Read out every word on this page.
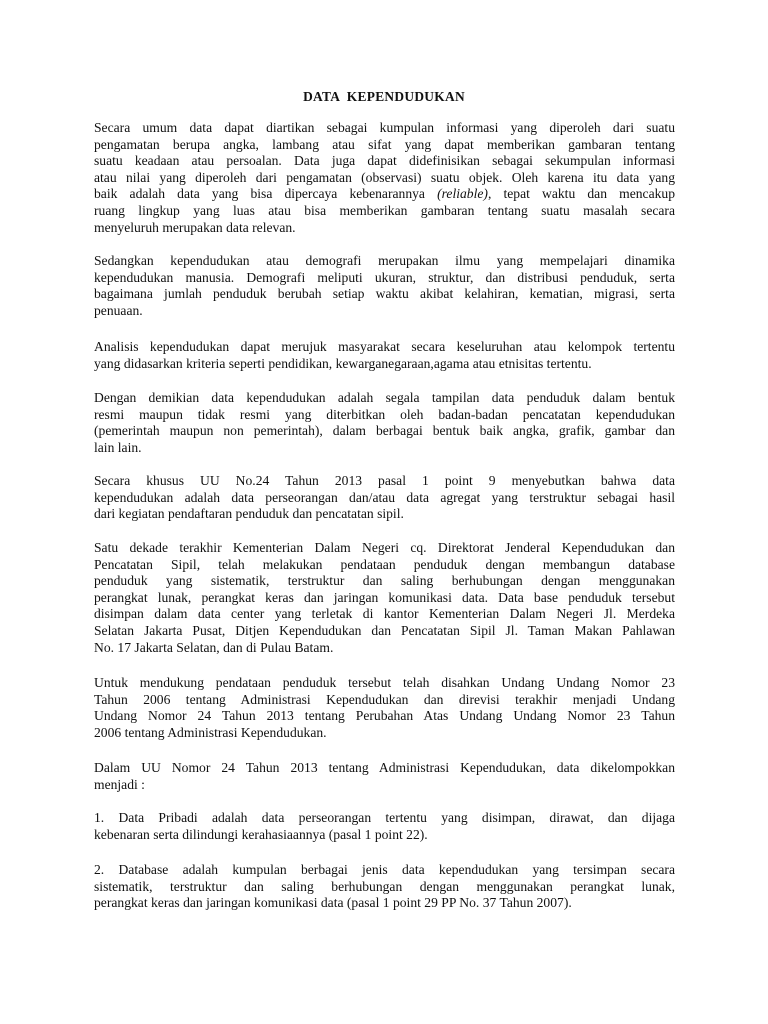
DATA  KEPENDUDUKAN
Secara umum data dapat diartikan sebagai kumpulan informasi yang diperoleh dari suatu
pengamatan berupa angka, lambang atau sifat yang dapat memberikan gambaran tentang
suatu keadaan atau persoalan. Data juga dapat didefinisikan sebagai sekumpulan informasi
atau nilai yang diperoleh dari pengamatan (observasi) suatu objek. Oleh karena itu data yang
baik adalah data yang bisa dipercaya kebenarannya (reliable), tepat waktu dan mencakup
ruang lingkup yang luas atau bisa memberikan gambaran tentang suatu masalah secara
menyeluruh merupakan data relevan.
Sedangkan kependudukan atau demografi merupakan ilmu yang mempelajari dinamika
kependudukan manusia. Demografi meliputi ukuran, struktur, dan distribusi penduduk, serta
bagaimana jumlah penduduk berubah setiap waktu akibat kelahiran, kematian, migrasi, serta
penuaan.
Analisis kependudukan dapat merujuk masyarakat secara keseluruhan atau kelompok tertentu
yang didasarkan kriteria seperti pendidikan, kewarganegaraan,agama atau etnisitas tertentu.
Dengan demikian data kependudukan adalah segala tampilan data penduduk dalam bentuk
resmi maupun tidak resmi yang diterbitkan oleh badan-badan pencatatan kependudukan
(pemerintah maupun non pemerintah), dalam berbagai bentuk baik angka, grafik, gambar dan
lain lain.
Secara khusus UU No.24 Tahun 2013 pasal 1 point 9 menyebutkan bahwa data
kependudukan adalah data perseorangan dan/atau data agregat yang terstruktur sebagai hasil
dari kegiatan pendaftaran penduduk dan pencatatan sipil.
Satu dekade terakhir Kementerian Dalam Negeri cq. Direktorat Jenderal Kependudukan dan
Pencatatan Sipil, telah melakukan pendataan penduduk dengan membangun database
penduduk yang sistematik, terstruktur dan saling berhubungan dengan menggunakan
perangkat lunak, perangkat keras dan jaringan komunikasi data. Data base penduduk tersebut
disimpan dalam data center yang terletak di kantor Kementerian Dalam Negeri Jl. Merdeka
Selatan Jakarta Pusat, Ditjen Kependudukan dan Pencatatan Sipil Jl. Taman Makan Pahlawan
No. 17 Jakarta Selatan, dan di Pulau Batam.
Untuk mendukung pendataan penduduk tersebut telah disahkan Undang Undang Nomor 23
Tahun 2006 tentang Administrasi Kependudukan dan direvisi terakhir menjadi Undang
Undang Nomor 24 Tahun 2013 tentang Perubahan Atas Undang Undang Nomor 23 Tahun
2006 tentang Administrasi Kependudukan.
Dalam UU Nomor 24 Tahun 2013 tentang Administrasi Kependudukan, data dikelompokkan
menjadi :
1. Data Pribadi adalah data perseorangan tertentu yang disimpan, dirawat, dan dijaga
kebenaran serta dilindungi kerahasiaannya (pasal 1 point 22).
2. Database adalah kumpulan berbagai jenis data kependudukan yang tersimpan secara
sistematik, terstruktur dan saling berhubungan dengan menggunakan perangkat lunak,
perangkat keras dan jaringan komunikasi data (pasal 1 point 29 PP No. 37 Tahun 2007).
